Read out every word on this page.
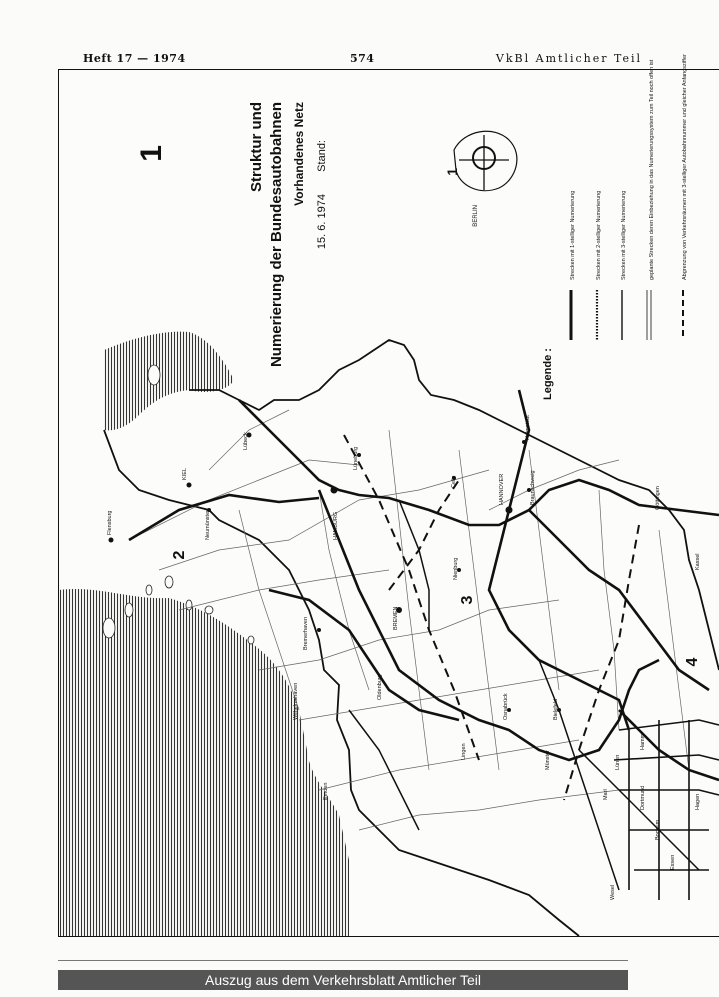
Heft 17 — 1974	574	VkBl Amtlicher Teil
1	Struktur und Numerierung der Bundesautobahnen Vorhandenes Netz Stand:
15. 6. 1974
1
BERLIN
Legende :
Strecken mit 1-stelliger Numerierung	Strecken mit 2-stelliger Numerierung	Strecken mit 3-stelliger Numerierung	geplante Strecken deren Einbeziehung in das Numerierungssystem zum Teil noch offen ist	Abgrenzung von Verkehrsräumen mit 3-stelliger Autobahnnummer und gleicher Anfangsziffer
2
3
4
Flensburg
KIEL
Neumünster
Lübeck
HAMBURG
Lüneburg
Celle	HANNOVER	Braunschweig
Helmstedt
Göttingen
Kassel
Nienburg
BREMEN
Bremerhaven
Wilhelmshaven
Emden
Oldenburg
Lingen
Osnabrück	Bielefeld
Münster
Hamm
Dortmund
Bochum
Essen
Hagen
Wesel
Marl
Lünen
Auszug aus dem Verkehrsblatt Amtlicher Teil
